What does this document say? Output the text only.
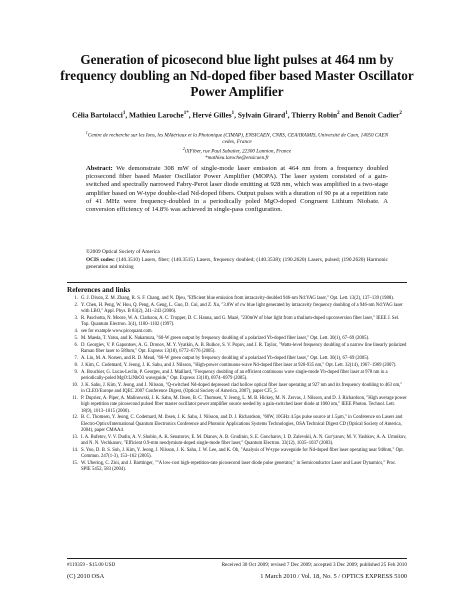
Generation of picosecond blue light pulses at 464 nm by frequency doubling an Nd-doped fiber based Master Oscillator Power Amplifier
Célia Bartolacci$^1$, Mathieu Laroche$^{1*}$, Hervé Gilles$^1$, Sylvain Girard$^1$, Thierry Robin$^2$ and Benoît Cadier$^2$
$^1$Centre de recherche sur les Ions, les MAtériaux et la Photonique (CIMAP), ENSICAEN, CNRS, CEA/IRAMIS, Université de Caen, 14050 CAEN cedex, France
$^2$iXFiber, rue Paul Sabatier, 22300 Lannion, France
*mathieu.laroche@ensicaen.fr
Abstract: We demonstrate 308 mW of single-mode laser emission at 464 nm from a frequency doubled picosecond fiber based Master Oscillator Power Amplifier (MOPA). The laser system consisted of a gain-switched and spectrally narrowed Fabry-Perot laser diode emitting at 928 nm, which was amplified in a two-stage amplifier based on W-type double-clad Nd-doped fibers. Output pulses with a duration of 90 ps at a repetition rate of 41 MHz were frequency-doubled in a periodically poled MgO-doped Congruent Lithium Niobate. A conversion efficiency of 14.8% was achieved in single-pass configuration.
©2009 Optical Society of America
OCIS codes: (140.3510) Lasers, fiber; (140.3515) Lasers, frequency doubled; (140.3538); (190.2620) Lasers, pulsed; (190.2620) Harmonic generation and mixing
References and links
1. G. J. Dixon, Z. M. Zhang, R. S. F. Chang, and N. Djeu, "Efficient blue emission from intracavity-doubled 946-nm Nd:YAG laser," Opt. Lett. 13(2), 137–139 (1988).
2. Y. Chen, H. Peng, W. Hou, Q. Peng, A. Geng, L. Guo, D. Cui, and Z. Xu, "3.8W of cw blue light generated by intracavity frequency doubling of a 946-nm Nd:YAG laser with LBO," Appl. Phys. B 83(2), 241–243 (2006).
3. R. Paschotta, N. Moore, W. A. Clarkson, A. C. Tropper, D. C. Hanna, and G. Mazé, "230mW of blue light from a thulium-doped upconversion fiber laser," IEEE J. Sel. Top. Quantum Electron. 3(4), 1100–1102 (1997).
4. see for example www.picoquant.com.
5. M. Maeda, T. Yatsu, and K. Nakamura, "60-W green output by frequency doubling of a polarized Yb-doped fiber laser," Opt. Lett. 30(1), 67–69 (2005).
6. D. Georgiev, V. P. Gapontsev, A. G. Dronov, M. Y. Vyatkin, A. B. Rulkov, S. V. Popov, and J. R. Taylor, "Watts-level frequency doubling of a narrow line linearly polarized Raman fiber laser to 589nm," Opt. Express 13(18), 6772–6776 (2005).
7. A. Liu, M. A. Norsen, and R. D. Mead, "60-W green output by frequency doubling of a polarized Yb-doped fiber laser," Opt. Lett. 30(1), 67–69 (2005).
8. J. Kim, C. Codemard, Y. Jeong, J. K. Sahu, and J. Nilsson, "High-power continuous-wave Nd-doped fiber laser at 920-935 nm," Opt. Lett. 32(14), 1967–1969 (2007).
9. A. Bouchier, G. Lucas-Leclin, P. Georges, and J. Maillard, "Frequency doubling of an efficient continuous wave single-mode Yb-doped fiber laser at 978 nm in a periodically-poled MgO:LiNbO3 waveguide," Opt. Express 13(18), 6974–6979 (2005).
10. J. K. Sahu, J. Kim, Y. Jeong, and J. Nilsson, "Q-switched Nd-doped depressed clad hollow optical fiber laser operating at 927 nm and its frequency doubling to 463 nm," in CLEO/Europe and IQEC 2007 Conference Digest, (Optical Society of America, 2007), paper CJ5_5.
11. P. Dupriez, A. Piper, A. Malinowski, J. K. Sahu, M. Ibsen, B. C. Thomsen, Y. Jeong, L. M. B. Hickey, M. N. Zervas, J. Nilsson, and D. J. Richardson, "High average power high repetition rate picosecond pulsed fiber master oscillator power amplifier source seeded by a gain-switched laser diode at 1060 nm," IEEE Photon. Technol. Lett. 18(9), 1013–1015 (2006).
12. B. C. Thomsen, Y. Jeong, C. Codemard, M. Ibsen, J. K. Sahu, J. Nilsson, and D. J. Richardson, "60W, 10GHz 4.5ps pulse source at 1.5µm," in Conference on Lasers and Electro-Optics/International Quantum Electronics Conference and Photonic Applications Systems Technologies, OSA Technical Digest CD (Optical Society of America, 2004), paper CMAA4.
13. I. A. Bufetov, V. V. Dudin, A. V. Shubin, A. K. Senatorov, E. M. Dianov, A. B. Grudinin, S. E. Goncharov, I. D. Zalevskii, A. N. Gur'yanov, M. V. Yashkov, A. A. Umnikov, and N. N. Vechkanov, "Efficient 0.9-mm neodymium-doped single-mode fiber laser," Quantum Electron. 33(12), 1035–1037 (2003).
14. S. Yoo, D. B. S. Soh, J. Kim, Y. Jeong, J. Nilsson, J. K. Sahu, J. W. Lee, and K. Oh, "Analysis of W-type waveguide for Nd-doped fiber laser operating near 940nm," Opt. Commun. 247(1-3), 153–162 (2005).
15. W. Ubering, C. Zini, and J. Barttinger, ""A low-cost high-repetition-rate picosecond laser diode pulse generator," in Semiconductor Laser and Laser Dynamics," Proc. SPIE 5452, 583 (2004).
#119359 - $15.00 USD	Received 30 Oct 2009; revised 7 Dec 2009; accepted 3 Dec 2009; published 25 Feb 2010
(C) 2010 OSA	1 March 2010 / Vol. 18, No. 5 / OPTICS EXPRESS 5100
